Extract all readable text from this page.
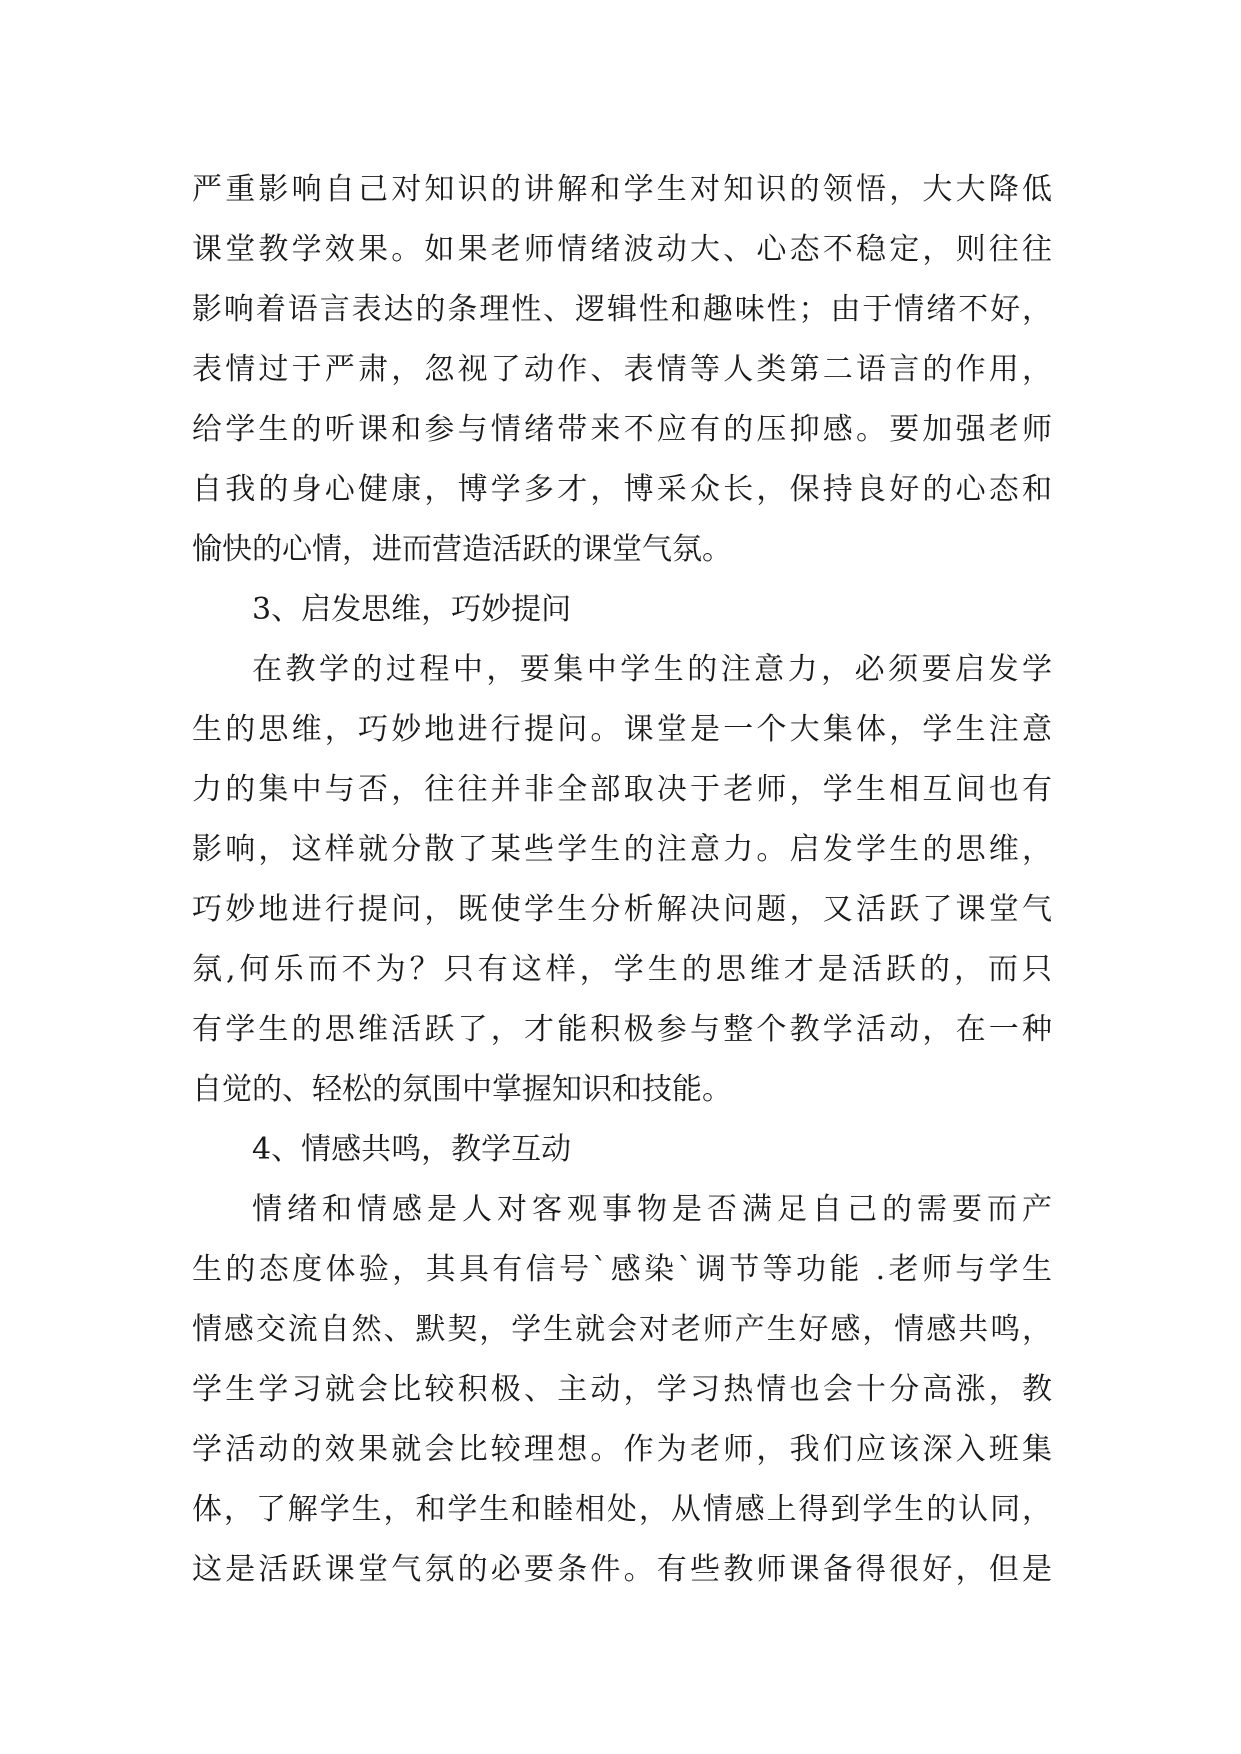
严重影响自己对知识的讲解和学生对知识的领悟，大大降低
课堂教学效果。如果老师情绪波动大、心态不稳定，则往往
影响着语言表达的条理性、逻辑性和趣味性；由于情绪不好，
表情过于严肃，忽视了动作、表情等人类第二语言的作用，
给学生的听课和参与情绪带来不应有的压抑感。要加强老师
自我的身心健康，博学多才，博采众长，保持良好的心态和
愉快的心情，进而营造活跃的课堂气氛。
3、启发思维，巧妙提问
在教学的过程中，要集中学生的注意力，必须要启发学
生的思维，巧妙地进行提问。课堂是一个大集体，学生注意
力的集中与否，往往并非全部取决于老师，学生相互间也有
影响，这样就分散了某些学生的注意力。启发学生的思维，
巧妙地进行提问，既使学生分析解决问题，又活跃了课堂气
氛,何乐而不为？只有这样，学生的思维才是活跃的，而只
有学生的思维活跃了，才能积极参与整个教学活动，在一种
自觉的、轻松的氛围中掌握知识和技能。
4、情感共鸣，教学互动
情绪和情感是人对客观事物是否满足自己的需要而产
生的态度体验，其具有信号`感染`调节等功能 .老师与学生
情感交流自然、默契，学生就会对老师产生好感，情感共鸣，
学生学习就会比较积极、主动，学习热情也会十分高涨，教
学活动的效果就会比较理想。作为老师，我们应该深入班集
体，了解学生，和学生和睦相处，从情感上得到学生的认同，
这是活跃课堂气氛的必要条件。有些教师课备得很好，但是
